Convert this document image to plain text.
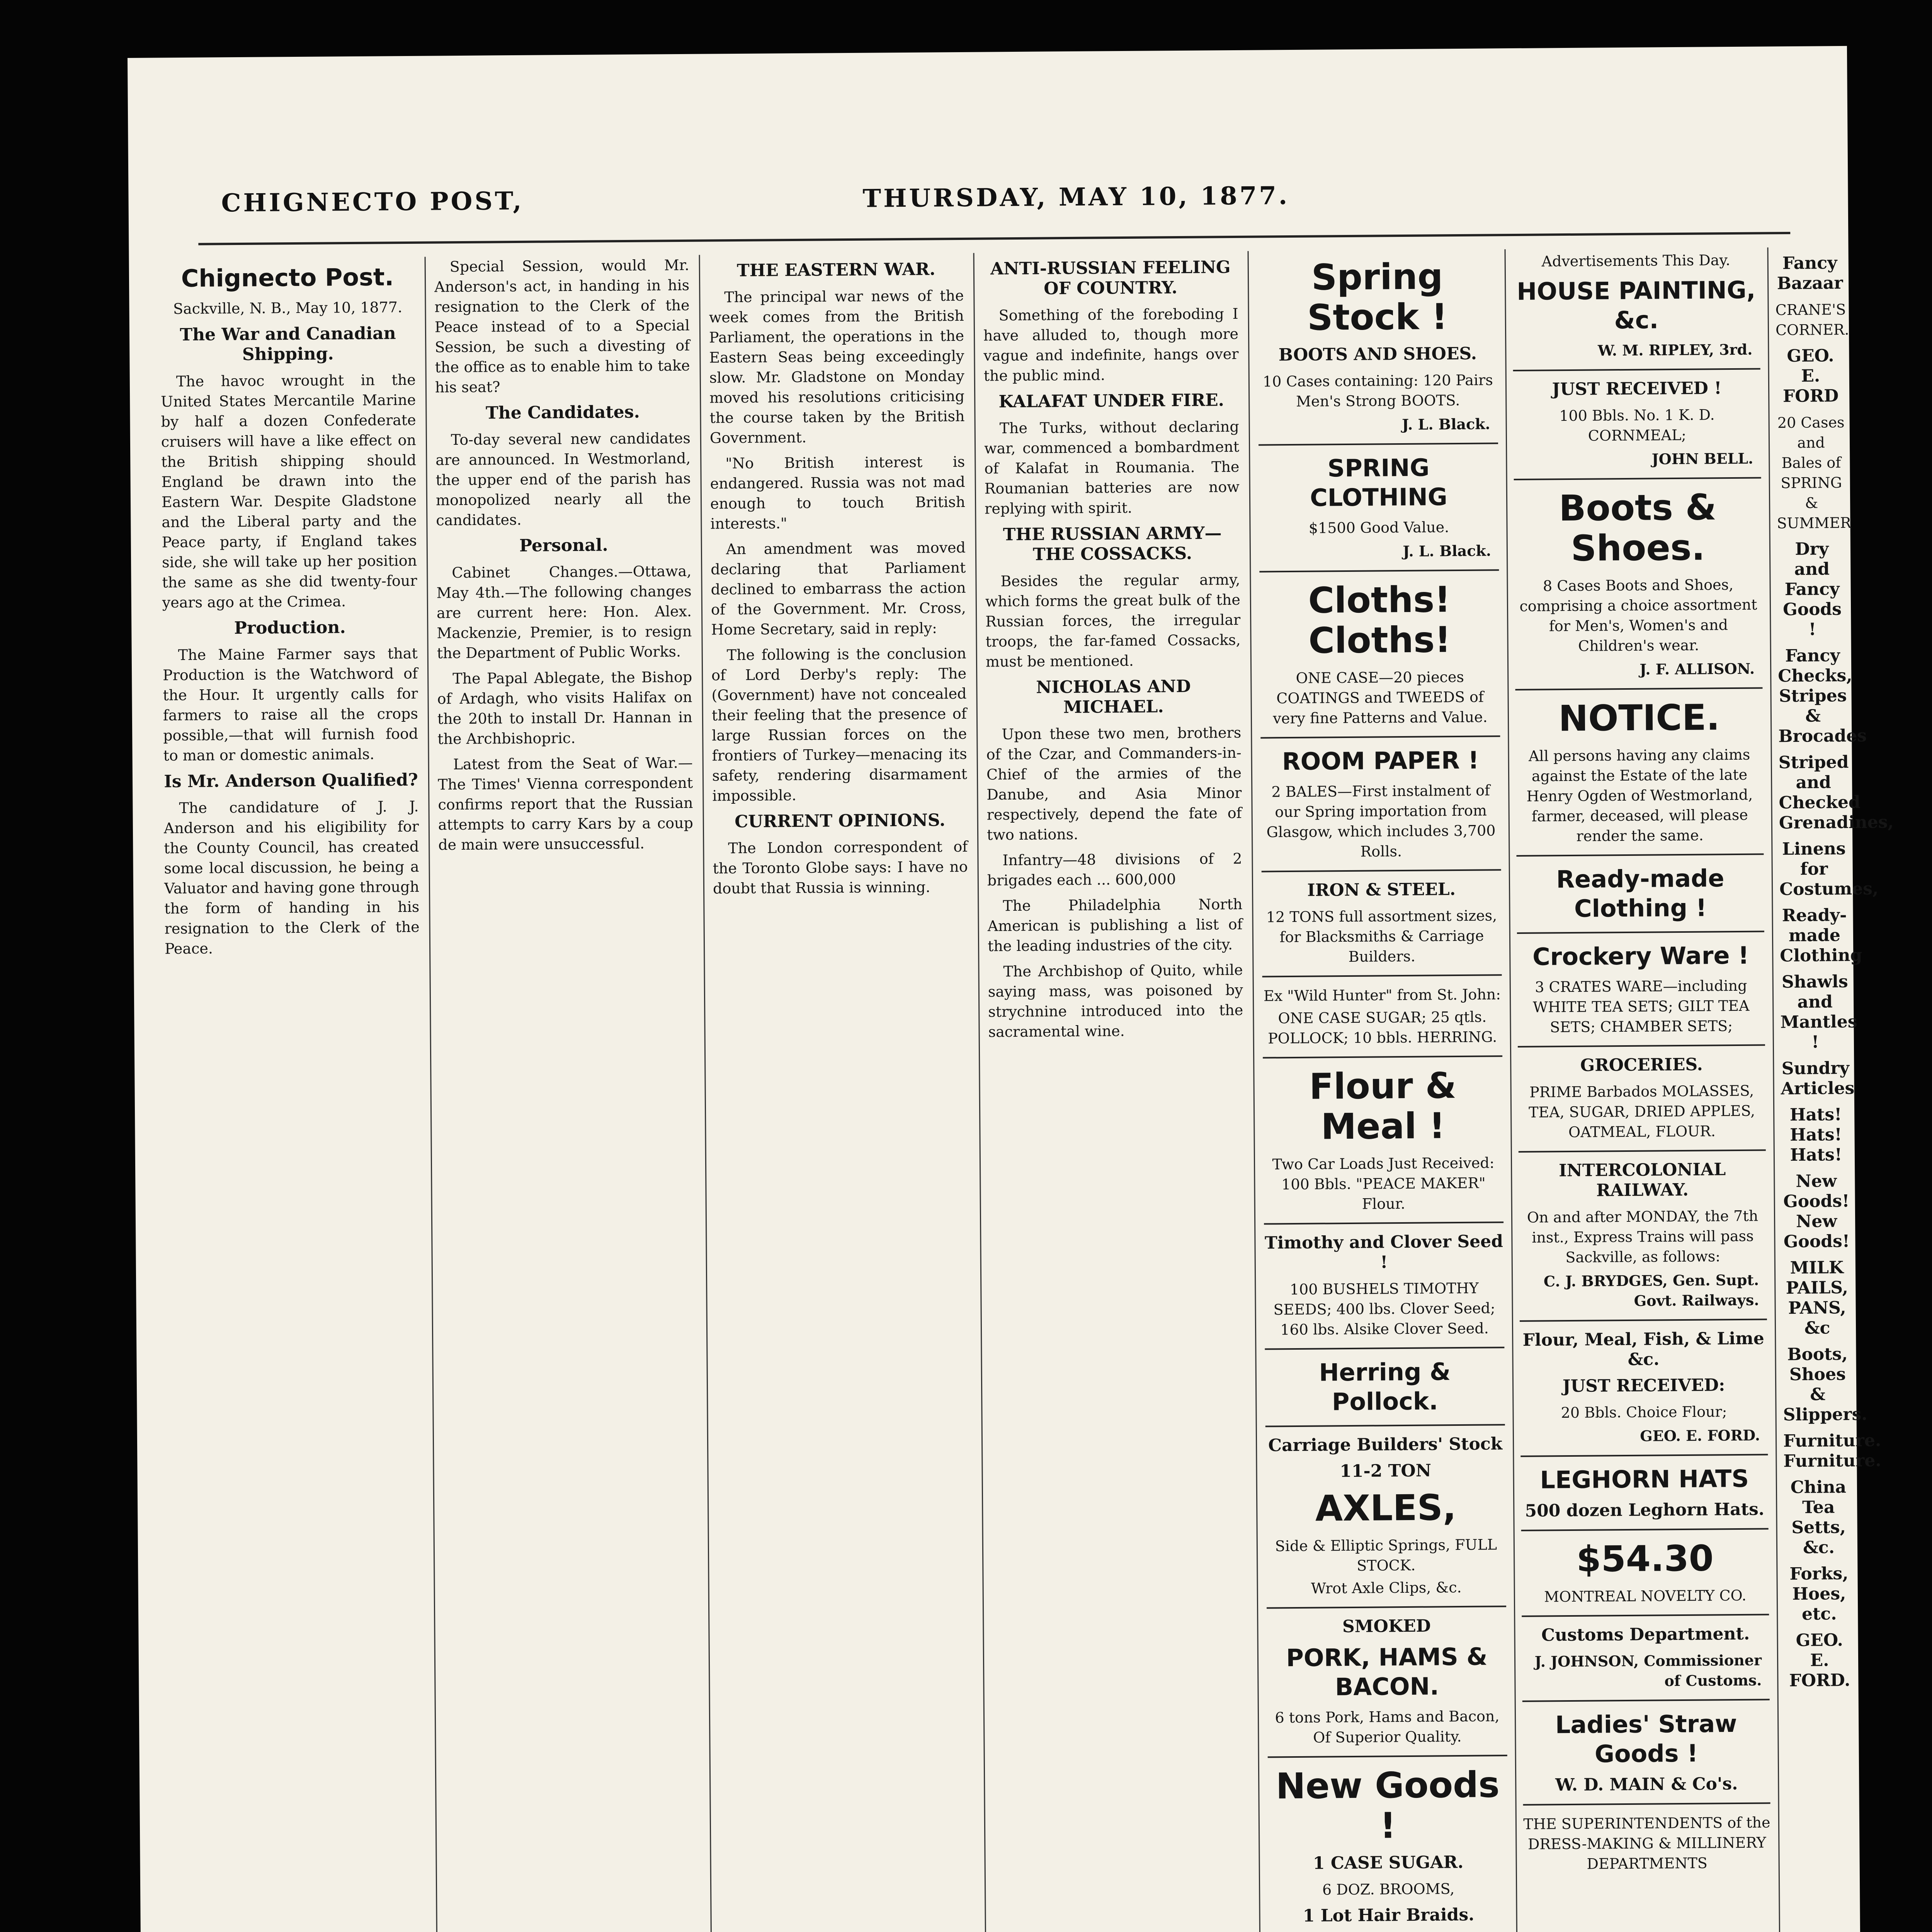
CHIGNECTO POST,	THURSDAY, MAY 10, 1877.
Chignecto Post.
Sackville, N. B., May 10, 1877.
The War and Canadian Shipping.

The havoc wrought in the United States Mercantile Marine by half a dozen Confederate cruisers will have a like effect on the British shipping should England be drawn into the Eastern War. Despite Gladstone and the Liberal party and the Peace party, if England takes side, she will take up her position the same as she did twenty-four years ago at the Crimea.

Production.

The Maine Farmer says that Production is the Watchword of the Hour. It urgently calls for farmers to raise all the crops possible,—that will furnish food to man or domestic animals.

Is Mr. Anderson Qualified?

The candidature of J. J. Anderson and his eligibility for the County Council, has created some local discussion, he being a Valuator and having gone through the form of handing in his resignation to the Clerk of the Peace.

Special Session, would Mr. Anderson's act, in handing in his resignation to the Clerk of the Peace instead of to a Special Session, be such a divesting of the office as to enable him to take his seat?

The Candidates.

To-day several new candidates are announced. In Westmorland, the upper end of the parish has monopolized nearly all the candidates.

Personal.

Cabinet Changes.—Ottawa, May 4th.—The following changes are current here: Hon. Alex. Mackenzie, Premier, is to resign the Department of Public Works.

The Papal Ablegate, the Bishop of Ardagh, who visits Halifax on the 20th to install Dr. Hannan in the Archbishopric.

Latest from the Seat of War.—The Times' Vienna correspondent confirms report that the Russian attempts to carry Kars by a coup de main were unsuccessful.

THE EASTERN WAR.

The principal war news of the week comes from the British Parliament, the operations in the Eastern Seas being exceedingly slow. Mr. Gladstone on Monday moved his resolutions criticising the course taken by the British Government.

"No British interest is endangered. Russia was not mad enough to touch British interests."

An amendment was moved declaring that Parliament declined to embarrass the action of the Government. Mr. Cross, Home Secretary, said in reply:

The following is the conclusion of Lord Derby's reply: The (Government) have not concealed their feeling that the presence of large Russian forces on the frontiers of Turkey—menacing its safety, rendering disarmament impossible.

CURRENT OPINIONS.

The London correspondent of the Toronto Globe says: I have no doubt that Russia is winning.

ANTI-RUSSIAN FEELING OF COUNTRY.

Something of the foreboding I have alluded to, though more vague and indefinite, hangs over the public mind.

KALAFAT UNDER FIRE.

The Turks, without declaring war, commenced a bombardment of Kalafat in Roumania. The Roumanian batteries are now replying with spirit.

THE RUSSIAN ARMY—THE COSSACKS.

Besides the regular army, which forms the great bulk of the Russian forces, the irregular troops, the far-famed Cossacks, must be mentioned.

NICHOLAS AND MICHAEL.

Upon these two men, brothers of the Czar, and Commanders-in-Chief of the armies of the Danube, and Asia Minor respectively, depend the fate of two nations.

Infantry—48 divisions of 2 brigades each ... 600,000

The Philadelphia North American is publishing a list of the leading industries of the city.

The Archbishop of Quito, while saying mass, was poisoned by strychnine introduced into the sacramental wine.

Spring Stock !
BOOTS AND SHOES.
10 Cases containing: 120 Pairs Men's Strong BOOTS.
J. L. Black.
SPRING CLOTHING
$1500 Good Value.
J. L. Black.
Cloths! Cloths!
ONE CASE—20 pieces COATINGS and TWEEDS of very fine Patterns and Value.
ROOM PAPER !
2 BALES—First instalment of our Spring importation from Glasgow, which includes 3,700 Rolls.
IRON & STEEL.
12 TONS full assortment sizes, for Blacksmiths & Carriage Builders.
Ex "Wild Hunter" from St. John:
ONE CASE SUGAR; 25 qtls. POLLOCK; 10 bbls. HERRING.
Flour & Meal !
Two Car Loads Just Received: 100 Bbls. "PEACE MAKER" Flour.
Timothy and Clover Seed !
100 BUSHELS TIMOTHY SEEDS; 400 lbs. Clover Seed; 160 lbs. Alsike Clover Seed.
Herring & Pollock.
Carriage Builders' Stock
11-2 TON
AXLES,
Side & Elliptic Springs, FULL STOCK.
Wrot Axle Clips, &c.
SMOKED
PORK, HAMS & BACON.
6 tons Pork, Hams and Bacon, Of Superior Quality.
New Goods !
1 CASE SUGAR.
6 DOZ. BROOMS,
1 Lot Hair Braids.
Advertisements This Day.
HOUSE PAINTING, &c.
W. M. RIPLEY, 3rd.
JUST RECEIVED !
100 Bbls. No. 1 K. D. CORNMEAL;
JOHN BELL.
Boots & Shoes.
8 Cases Boots and Shoes, comprising a choice assortment for Men's, Women's and Children's wear.
J. F. ALLISON.
NOTICE.
All persons having any claims against the Estate of the late Henry Ogden of Westmorland, farmer, deceased, will please render the same.
Ready-made Clothing !
Crockery Ware !
3 CRATES WARE—including WHITE TEA SETS; GILT TEA SETS; CHAMBER SETS;
GROCERIES.
PRIME Barbados MOLASSES, TEA, SUGAR, DRIED APPLES, OATMEAL, FLOUR.
INTERCOLONIAL RAILWAY.
On and after MONDAY, the 7th inst., Express Trains will pass Sackville, as follows:
C. J. BRYDGES, Gen. Supt. Govt. Railways.
Flour, Meal, Fish, & Lime &c.
JUST RECEIVED:
20 Bbls. Choice Flour;
GEO. E. FORD.
LEGHORN HATS
500 dozen Leghorn Hats.
$54.30
MONTREAL NOVELTY CO.
Customs Department.
J. JOHNSON, Commissioner of Customs.
Ladies' Straw Goods !
W. D. MAIN & Co's.
THE SUPERINTENDENTS of the DRESS-MAKING & MILLINERY DEPARTMENTS
Fancy Bazaar
CRANE'S CORNER.
GEO. E. FORD
20 Cases and Bales of SPRING & SUMMER
Dry and Fancy Goods !
Fancy Checks, Stripes & Brocades
Striped and Checked Grenadines,
Linens for Costumes,
Ready-made Clothing
Shawls and Mantles !
Sundry Articles
Hats! Hats! Hats!
New Goods! New Goods!
MILK PAILS, PANS, &c
Boots, Shoes & Slippers.
Furniture. Furniture.
China Tea Setts, &c.
Forks, Hoes, etc.
GEO. E. FORD.
